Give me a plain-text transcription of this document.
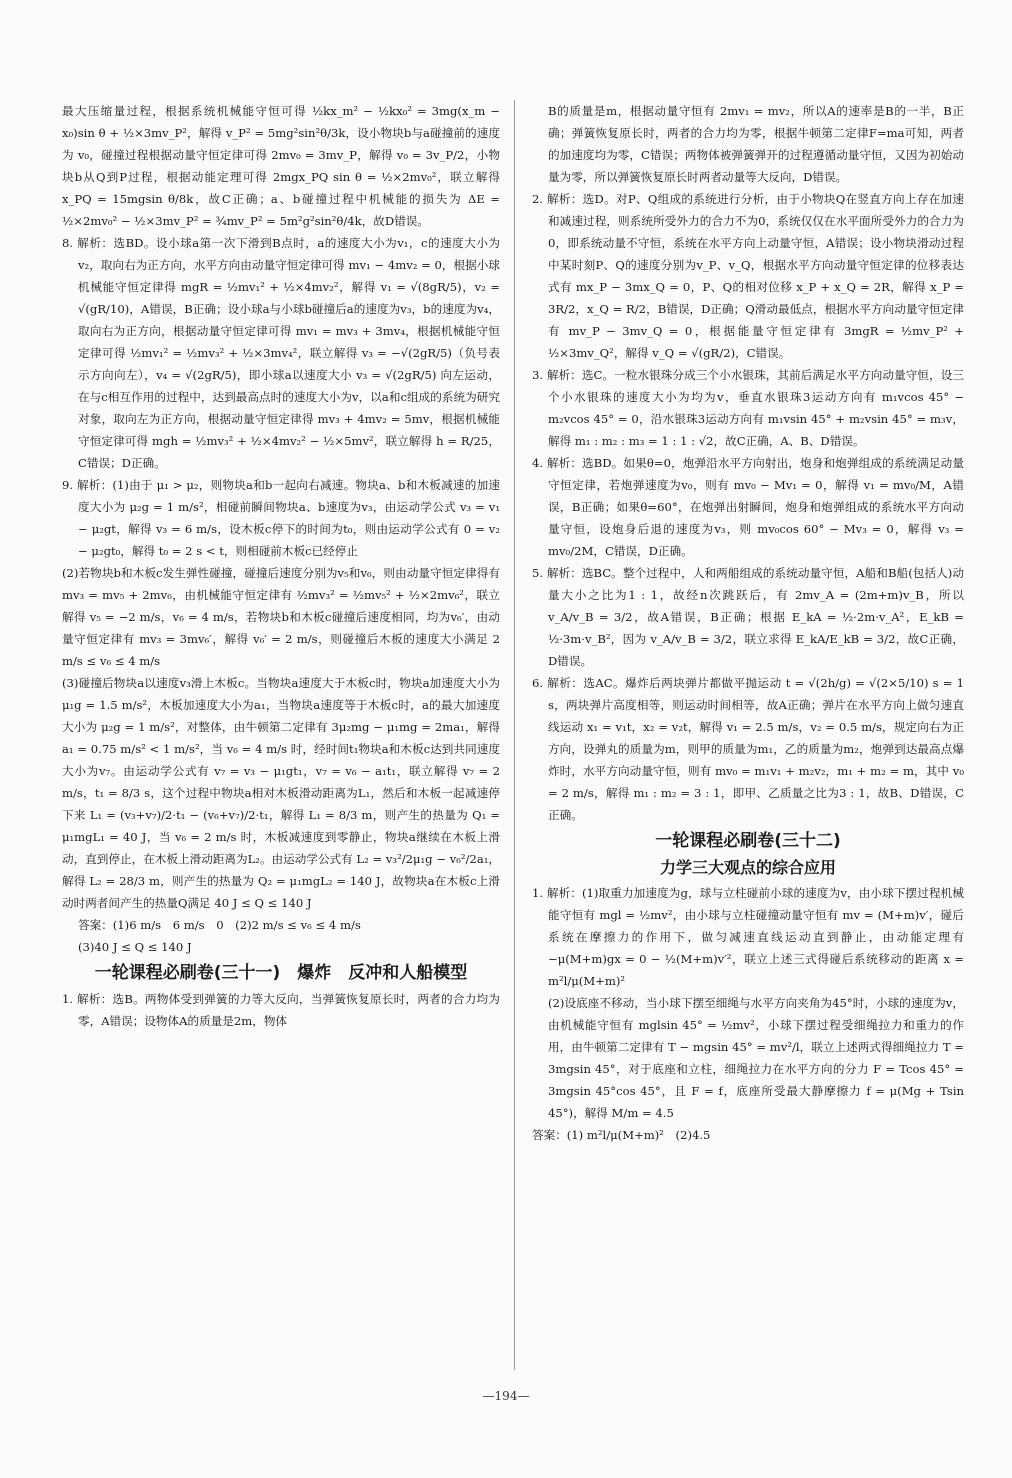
最大压缩量过程，根据系统机械能守恒可得 ½kx_m² − ½kx₀² = 3mg(x_m − x₀)sin θ + ½×3mv_P²，解得 v_P² = 5mg²sin²θ/3k，设小物块b与a碰撞前的速度为 v₀，碰撞过程根据动量守恒定律可得 2mv₀ = 3mv_P，解得 v₀ = 3v_P/2，小物块b从Q到P过程，根据动能定理可得 2mgx_PQ sin θ = ½×2mv₀²，联立解得 x_PQ = 15mgsin θ/8k，故C正确；a、b碰撞过程中机械能的损失为 ΔE = ½×2mv₀² − ½×3mv_P² = ¾mv_P² = 5m²g²sin²θ/4k，故D错误。

8. 解析：选BD。设小球a第一次下滑到B点时，a的速度大小为v₁，c的速度大小为v₂，取向右为正方向，水平方向由动量守恒定律可得 mv₁ − 4mv₂ = 0，根据小球机械能守恒定律得 mgR = ½mv₁² + ½×4mv₂²，解得 v₁ = √(8gR/5)，v₂ = √(gR/10)，A错误，B正确；设小球a与小球b碰撞后a的速度为v₃，b的速度为v₄，取向右为正方向，根据动量守恒定律可得 mv₁ = mv₃ + 3mv₄，根据机械能守恒定律可得 ½mv₁² = ½mv₃² + ½×3mv₄²，联立解得 v₃ = −√(2gR/5)（负号表示方向向左），v₄ = √(2gR/5)，即小球a以速度大小 v₃ = √(2gR/5) 向左运动，在与c相互作用的过程中，达到最高点时的速度大小为v，以a和c组成的系统为研究对象，取向左为正方向，根据动量守恒定律得 mv₃ + 4mv₂ = 5mv，根据机械能守恒定律可得 mgh = ½mv₃² + ½×4mv₂² − ½×5mv²，联立解得 h = R/25，C错误；D正确。

9. 解析：(1)由于 μ₁ > μ₂，则物块a和b一起向右减速。物块a、b和木板减速的加速度大小为 μ₂g = 1 m/s²，相碰前瞬间物块a、b速度为v₃，由运动学公式 v₃ = v₁ − μ₂gt，解得 v₃ = 6 m/s，设木板c停下的时间为t₀，则由运动学公式有 0 = v₂ − μ₂gt₀，解得 t₀ = 2 s < t，则相碰前木板c已经停止

(2)若物块b和木板c发生弹性碰撞，碰撞后速度分别为v₅和v₆，则由动量守恒定律得有 mv₃ = mv₅ + 2mv₆，由机械能守恒定律有 ½mv₃² = ½mv₅² + ½×2mv₆²，联立解得 v₅ = −2 m/s，v₆ = 4 m/s，若物块b和木板c碰撞后速度相同，均为v₆′，由动量守恒定律有 mv₃ = 3mv₆′，解得 v₆′ = 2 m/s，则碰撞后木板的速度大小满足 2 m/s ≤ v₆ ≤ 4 m/s

(3)碰撞后物块a以速度v₃滑上木板c。当物块a速度大于木板c时，物块a加速度大小为 μ₁g = 1.5 m/s²，木板加速度大小为a₁，当物块a速度等于木板c时，a的最大加速度大小为 μ₂g = 1 m/s²，对整体，由牛顿第二定律有 3μ₂mg − μ₁mg = 2ma₁，解得 a₁ = 0.75 m/s² < 1 m/s²，当 v₆ = 4 m/s 时，经时间t₁物块a和木板c达到共同速度大小为v₇。由运动学公式有 v₇ = v₃ − μ₁gt₁，v₇ = v₆ − a₁t₁，联立解得 v₇ = 2 m/s，t₁ = 8/3 s，这个过程中物块a相对木板滑动距离为L₁，然后和木板一起减速停下来 L₁ = (v₃+v₇)/2·t₁ − (v₆+v₇)/2·t₁，解得 L₁ = 8/3 m，则产生的热量为 Q₁ = μ₁mgL₁ = 40 J，当 v₆ = 2 m/s 时，木板减速度到零静止，物块a继续在木板上滑动，直到停止，在木板上滑动距离为L₂。由运动学公式有 L₂ = v₃²/2μ₁g − v₆²/2a₁，解得 L₂ = 28/3 m，则产生的热量为 Q₂ = μ₁mgL₂ = 140 J，故物块a在木板c上滑动时两者间产生的热量Q满足 40 J ≤ Q ≤ 140 J

答案：(1)6 m/s　6 m/s　0　(2)2 m/s ≤ v₆ ≤ 4 m/s

(3)40 J ≤ Q ≤ 140 J

一轮课程必刷卷(三十一)　爆炸　反冲和人船模型

1. 解析：选B。两物体受到弹簧的力等大反向，当弹簧恢复原长时，两者的合力均为零，A错误；设物体A的质量是2m，物体

B的质量是m，根据动量守恒有 2mv₁ = mv₂，所以A的速率是B的一半，B正确；弹簧恢复原长时，两者的合力均为零，根据牛顿第二定律F=ma可知，两者的加速度均为零，C错误；两物体被弹簧弹开的过程遵循动量守恒，又因为初始动量为零，所以弹簧恢复原长时两者动量等大反向，D错误。

2. 解析：选D。对P、Q组成的系统进行分析，由于小物块Q在竖直方向上存在加速和减速过程，则系统所受外力的合力不为0，系统仅仅在水平面所受外力的合力为0，即系统动量不守恒，系统在水平方向上动量守恒，A错误；设小物块滑动过程中某时刻P、Q的速度分别为v_P、v_Q，根据水平方向动量守恒定律的位移表达式有 mx_P − 3mx_Q = 0，P、Q的相对位移 x_P + x_Q = 2R，解得 x_P = 3R/2，x_Q = R/2，B错误，D正确；Q滑动最低点，根据水平方向动量守恒定律有 mv_P − 3mv_Q = 0，根据能量守恒定律有 3mgR = ½mv_P² + ½×3mv_Q²，解得 v_Q = √(gR/2)，C错误。

3. 解析：选C。一粒水银珠分成三个小水银珠，其前后满足水平方向动量守恒，设三个小水银珠的速度大小为均为v，垂直水银珠3运动方向有 m₁vcos 45° − m₂vcos 45° = 0，沿水银珠3运动方向有 m₁vsin 45° + m₂vsin 45° = m₃v，解得 m₁ : m₂ : m₃ = 1 : 1 : √2，故C正确，A、B、D错误。

4. 解析：选BD。如果θ=0，炮弹沿水平方向射出，炮身和炮弹组成的系统满足动量守恒定律，若炮弹速度为v₀，则有 mv₀ − Mv₁ = 0，解得 v₁ = mv₀/M，A错误，B正确；如果θ=60°，在炮弹出射瞬间，炮身和炮弹组成的系统水平方向动量守恒，设炮身后退的速度为v₃，则 mv₀cos 60° − Mv₃ = 0，解得 v₃ = mv₀/2M，C错误，D正确。

5. 解析：选BC。整个过程中，人和两船组成的系统动量守恒，A船和B船(包括人)动量大小之比为1 : 1，故经n次跳跃后，有 2mv_A = (2m+m)v_B，所以 v_A/v_B = 3/2，故A错误，B正确；根据 E_kA = ½·2m·v_A²，E_kB = ½·3m·v_B²，因为 v_A/v_B = 3/2，联立求得 E_kA/E_kB = 3/2，故C正确，D错误。

6. 解析：选AC。爆炸后两块弹片都做平抛运动 t = √(2h/g) = √(2×5/10) s = 1 s，两块弹片高度相等，则运动时间相等，故A正确；弹片在水平方向上做匀速直线运动 x₁ = v₁t，x₂ = v₂t，解得 v₁ = 2.5 m/s，v₂ = 0.5 m/s，规定向右为正方向，设弹丸的质量为m，则甲的质量为m₁，乙的质量为m₂，炮弹到达最高点爆炸时，水平方向动量守恒，则有 mv₀ = m₁v₁ + m₂v₂，m₁ + m₂ = m，其中 v₀ = 2 m/s，解得 m₁ : m₂ = 3 : 1，即甲、乙质量之比为3 : 1，故B、D错误，C正确。

一轮课程必刷卷(三十二)
力学三大观点的综合应用

1. 解析：(1)取重力加速度为g，球与立柱碰前小球的速度为v，由小球下摆过程机械能守恒有 mgl = ½mv²，由小球与立柱碰撞动量守恒有 mv = (M+m)v′，碰后系统在摩擦力的作用下，做匀减速直线运动直到静止，由动能定理有 −μ(M+m)gx = 0 − ½(M+m)v′²，联立上述三式得碰后系统移动的距离 x = m²l/μ(M+m)²

(2)设底座不移动，当小球下摆至细绳与水平方向夹角为45°时，小球的速度为v，由机械能守恒有 mglsin 45° = ½mv²，小球下摆过程受细绳拉力和重力的作用，由牛顿第二定律有 T − mgsin 45° = mv²/l，联立上述两式得细绳拉力 T = 3mgsin 45°，对于底座和立柱，细绳拉力在水平方向的分力 F = Tcos 45° = 3mgsin 45°cos 45°，且 F = f，底座所受最大静摩擦力 f = μ(Mg + Tsin 45°)，解得 M/m = 4.5

答案：(1) m²l/μ(M+m)²　(2)4.5

—194—
